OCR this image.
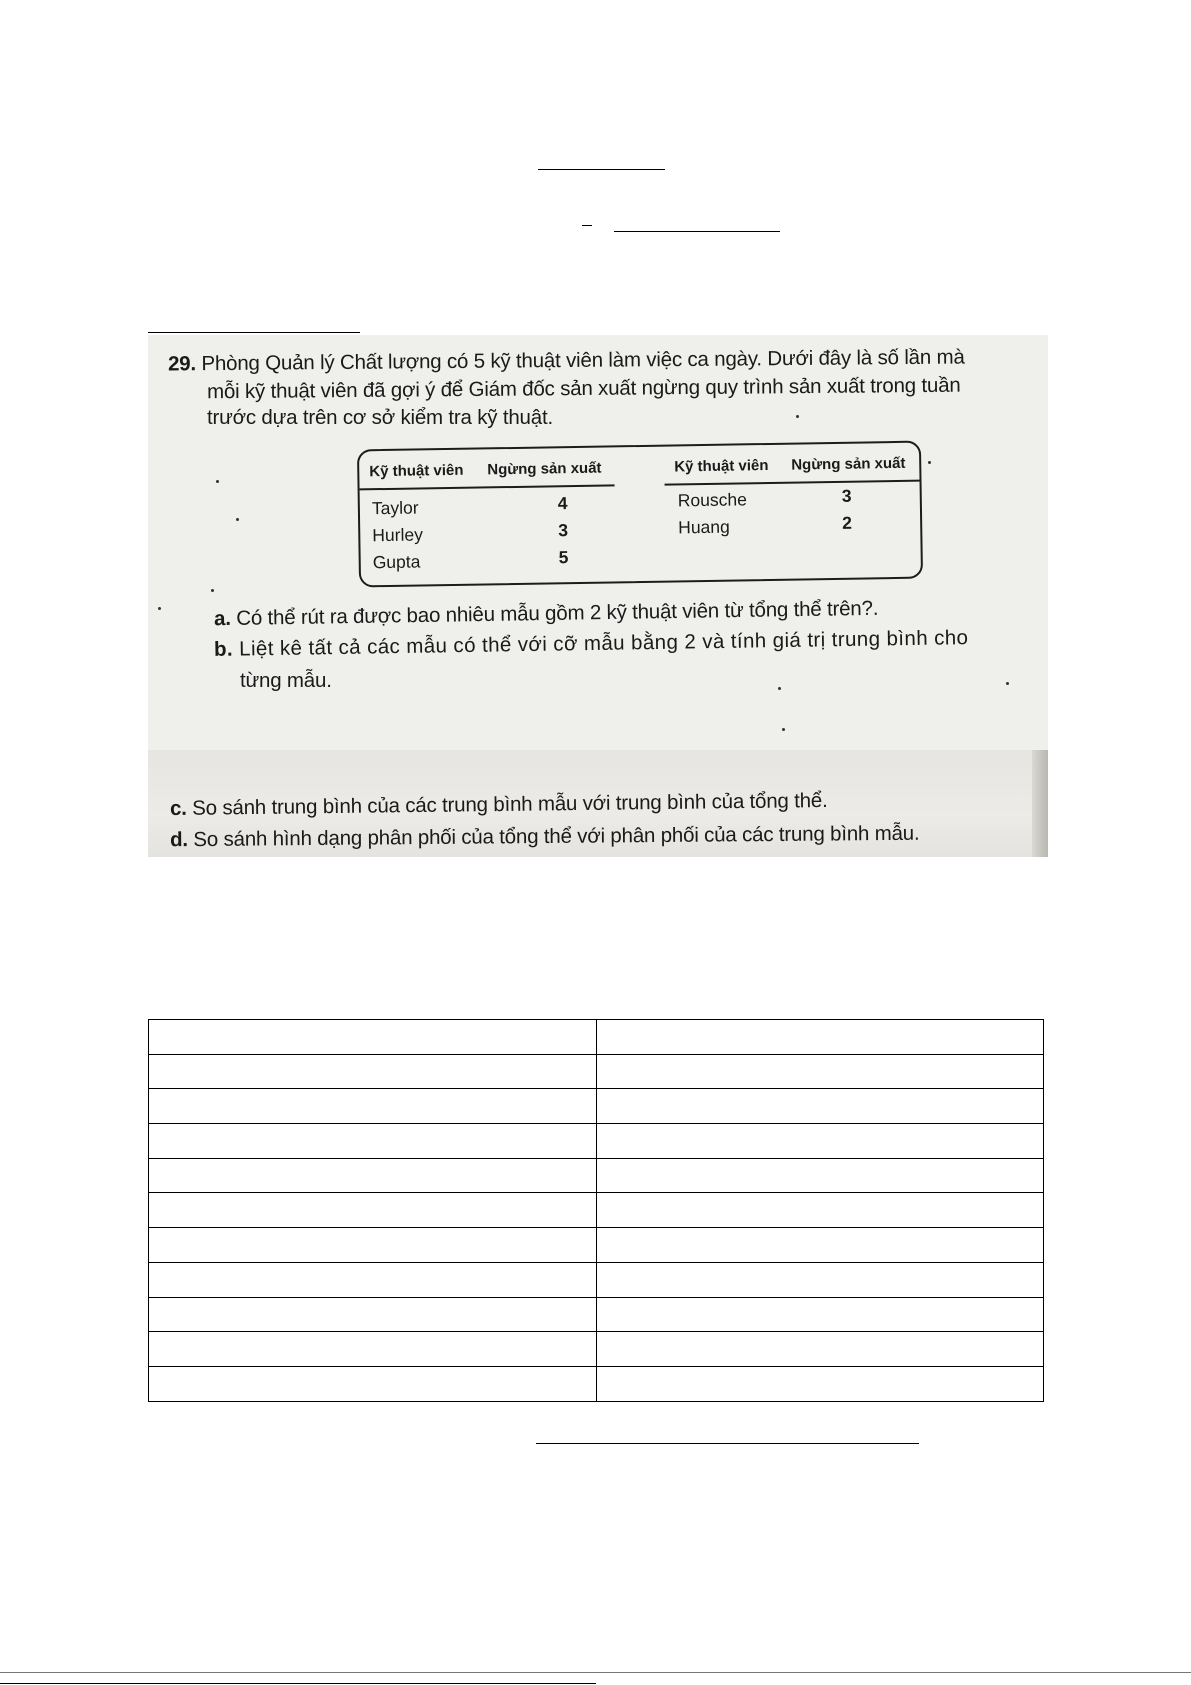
29. Phòng Quản lý Chất lượng có 5 kỹ thuật viên làm việc ca ngày. Dưới đây là số lần mà
mỗi kỹ thuật viên đã gợi ý để Giám đốc sản xuất ngừng quy trình sản xuất trong tuần
trước dựa trên cơ sở kiểm tra kỹ thuật.
Kỹ thuật viên Ngừng sản xuất	Kỹ thuật viên Ngừng sản xuất
Taylor	4
Hurley	3
Gupta	5
Rousche	3
Huang	2
a. Có thể rút ra được bao nhiêu mẫu gồm 2 kỹ thuật viên từ tổng thể trên?.
b. Liệt kê tất cả các mẫu có thể với cỡ mẫu bằng 2 và tính giá trị trung bình cho
từng mẫu.
c. So sánh trung bình của các trung bình mẫu với trung bình của tổng thể.
d. So sánh hình dạng phân phối của tổng thể với phân phối của các trung bình mẫu.
